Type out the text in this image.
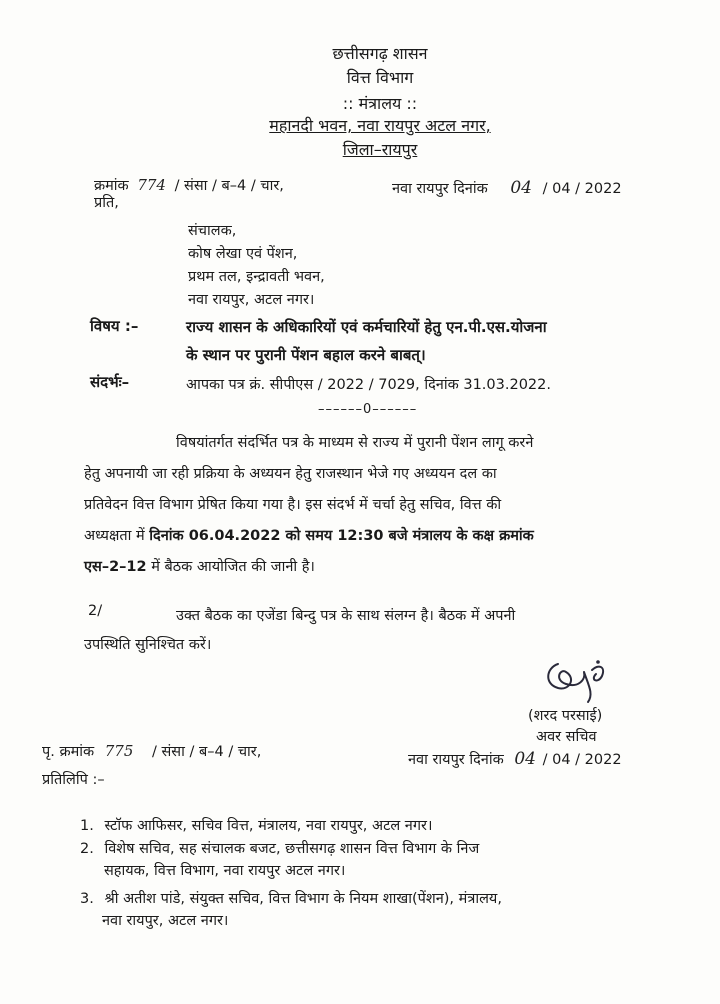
छत्तीसगढ़ शासन
वित्त विभाग
:: मंत्रालय ::
महानदी भवन, नवा रायपुर अटल नगर,
जिला–रायपुर
क्रमांक 774 / संसा / ब–4 / चार,	नवा रायपुर दिनांक 04 / 04 / 2022
प्रति,
संचालक,
कोष लेखा एवं पेंशन,
प्रथम तल, इन्द्रावती भवन,
नवा रायपुर, अटल नगर।
विषय :–	राज्य शासन के अधिकारियों एवं कर्मचारियों हेतु एन.पी.एस.योजना
के स्थान पर पुरानी पेंशन बहाल करने बाबत्।
संदर्भः–	आपका पत्र क्रं. सीपीएस / 2022 / 7029, दिनांक 31.03.2022.
––––––0––––––
विषयांतर्गत संदर्भित पत्र के माध्यम से राज्य में पुरानी पेंशन लागू करने
हेतु अपनायी जा रही प्रक्रिया के अध्ययन हेतु राजस्थान भेजे गए अध्ययन दल का
प्रतिवेदन वित्त विभाग प्रेषित किया गया है। इस संदर्भ में चर्चा हेतु सचिव, वित्त की
अध्यक्षता में दिनांक 06.04.2022 को समय 12:30 बजे मंत्रालय के कक्ष क्रमांक
एस–2–12 में बैठक आयोजित की जानी है।
2/	उक्त बैठक का एजेंडा बिन्दु पत्र के साथ संलग्न है। बैठक में अपनी
उपस्थिति सुनिश्चित करें।
(शरद परसाई)
अवर सचिव
पृ. क्रमांक 775 / संसा / ब–4 / चार,	नवा रायपुर दिनांक 04 / 04 / 2022
प्रतिलिपि :–
1. स्टॉफ आफिसर, सचिव वित्त, मंत्रालय, नवा रायपुर, अटल नगर।
2. विशेष सचिव, सह संचालक बजट, छत्तीसगढ़ शासन वित्त विभाग के निज
सहायक, वित्त विभाग, नवा रायपुर अटल नगर।
3. श्री अतीश पांडे, संयुक्त सचिव, वित्त विभाग के नियम शाखा(पेंशन), मंत्रालय,
नवा रायपुर, अटल नगर।
